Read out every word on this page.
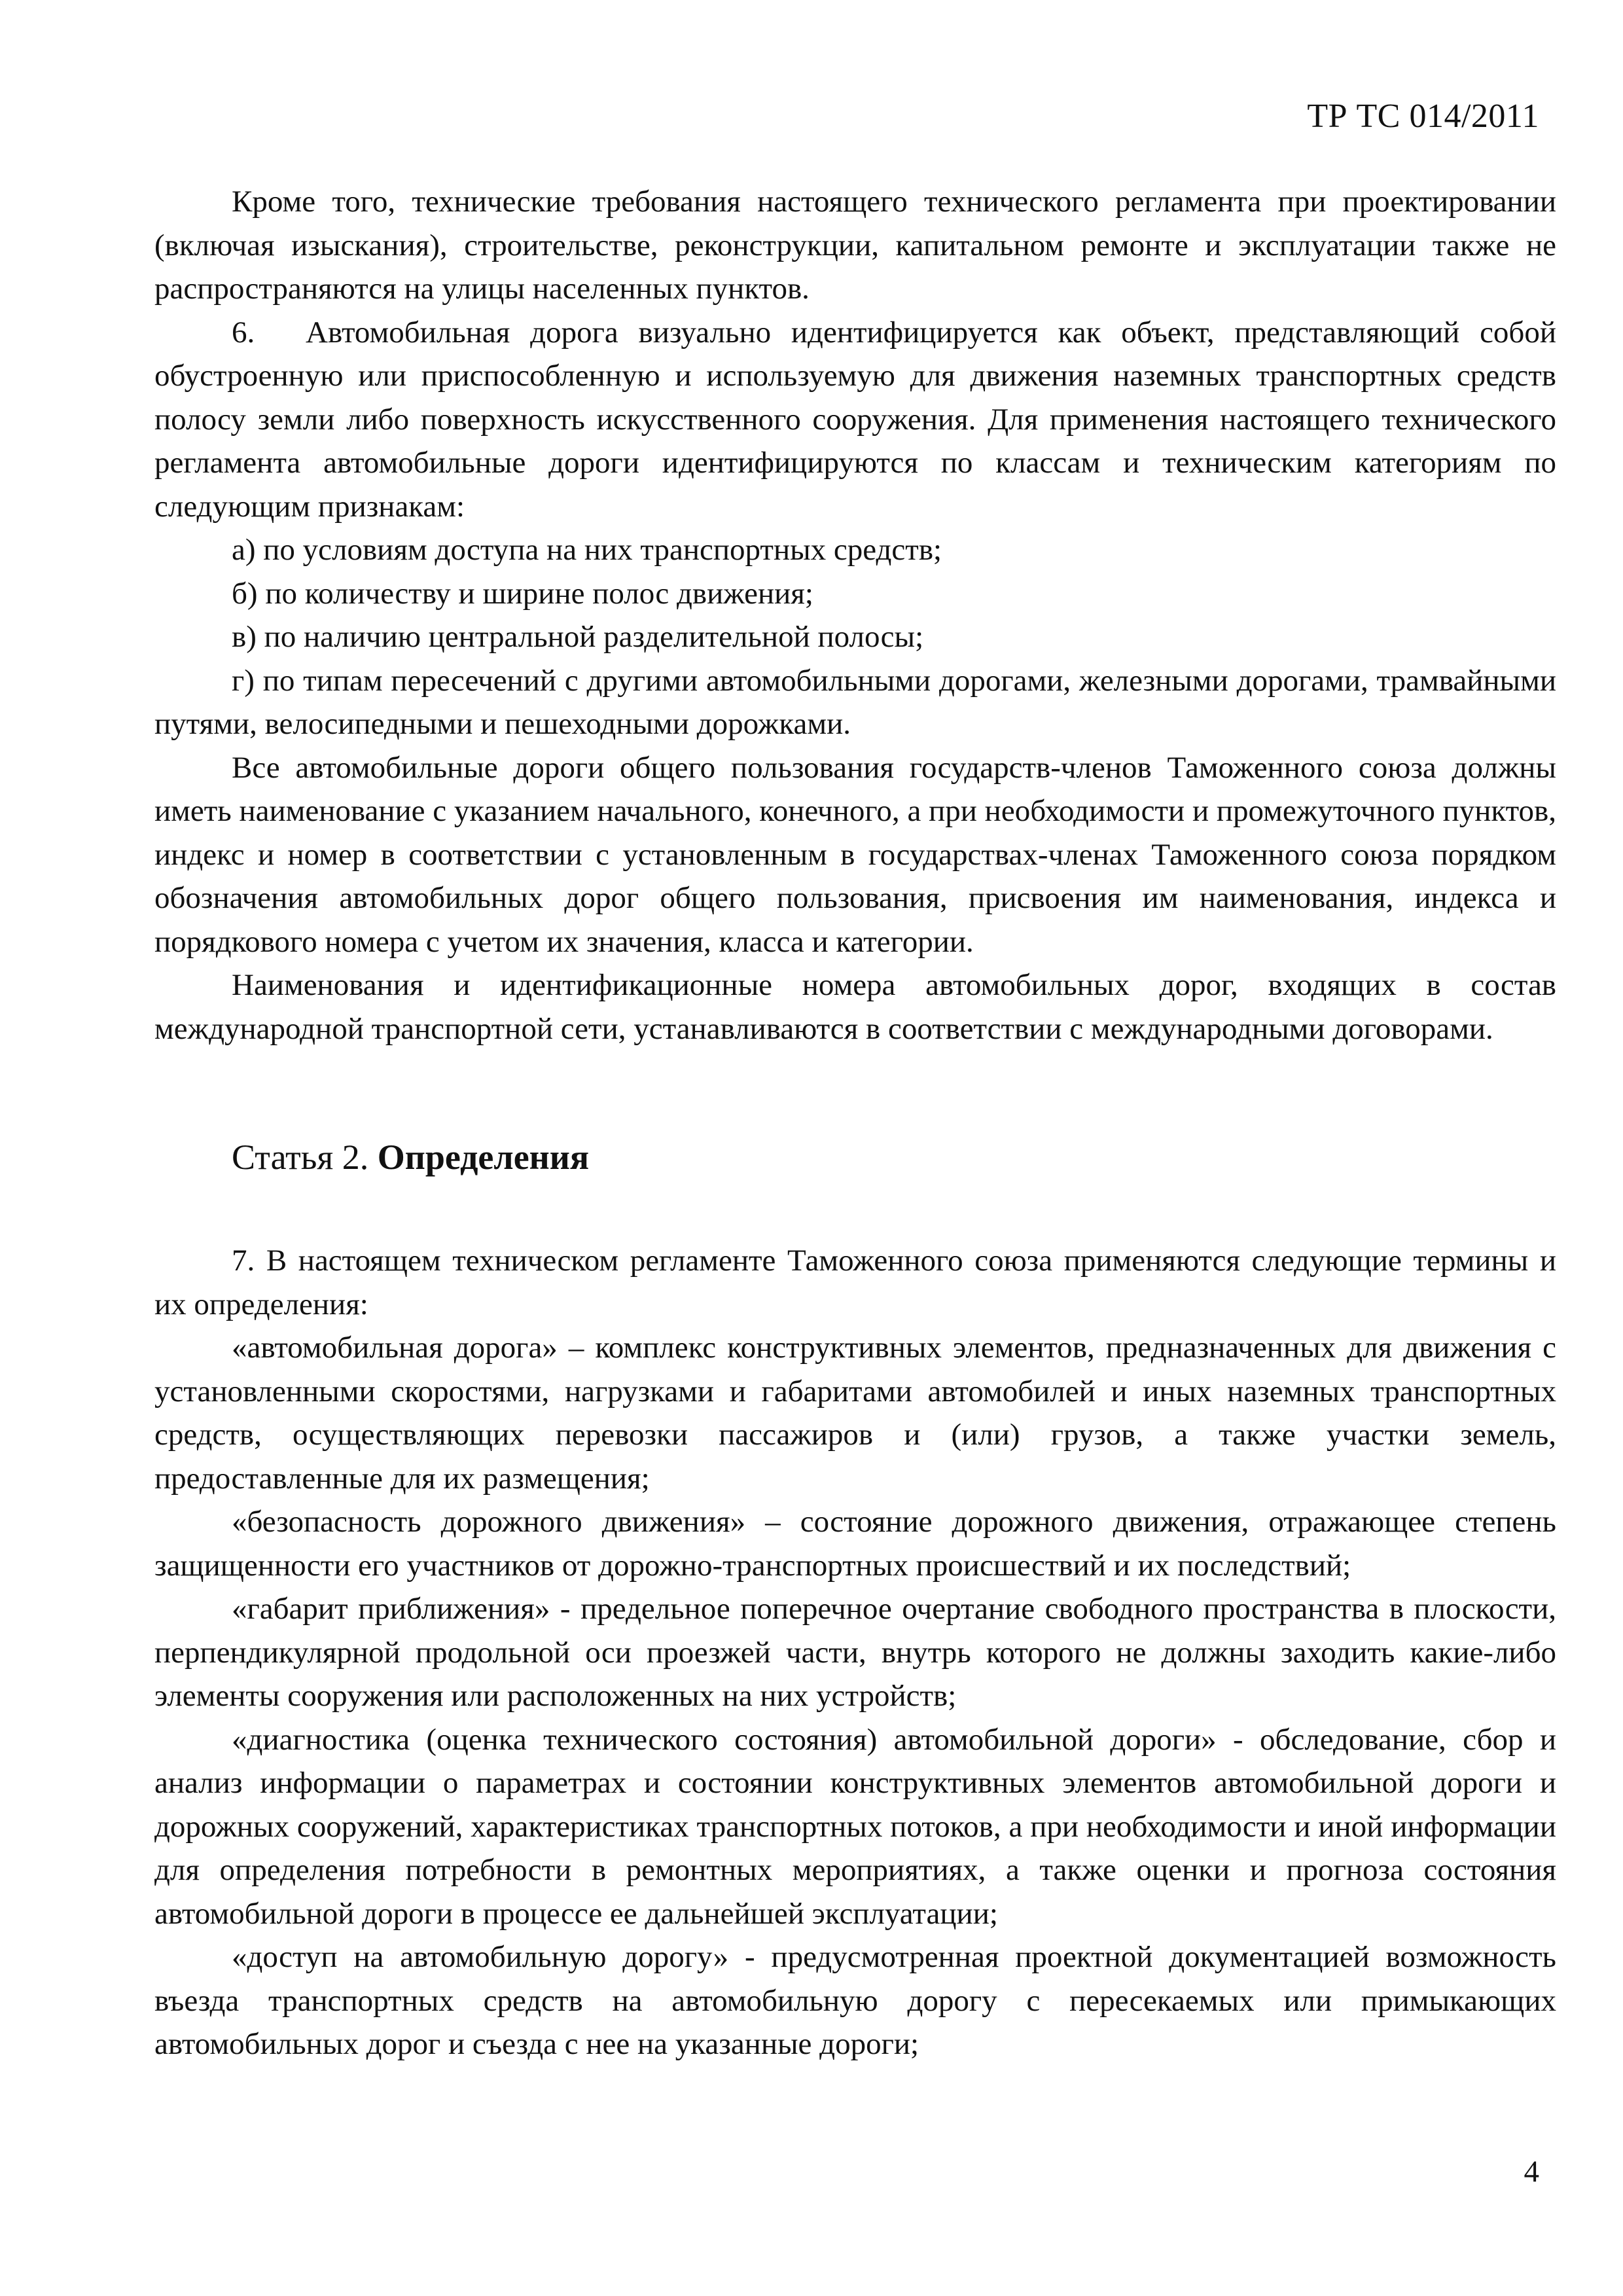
ТР ТС 014/2011

Кроме того, технические требования настоящего технического регламента при проектировании (включая изыскания), строительстве, реконструкции, капитальном ремонте и эксплуатации также не распространяются на улицы населенных пунктов.

6.  Автомобильная дорога визуально идентифицируется как объект, представляющий собой обустроенную или приспособленную и используемую для движения наземных транспортных средств полосу земли либо поверхность искусственного сооружения. Для применения настоящего технического регламента автомобильные дороги идентифицируются по классам и техническим категориям по следующим признакам:

а) по условиям доступа на них транспортных средств;

б) по количеству и ширине полос движения;

в) по наличию центральной разделительной полосы;

г) по типам пересечений с другими автомобильными дорогами, железными дорогами, трамвайными путями, велосипедными и пешеходными дорожками.

Все автомобильные дороги общего пользования государств-членов Таможенного союза должны иметь наименование с указанием начального, конечного, а при необходимости и промежуточного пунктов, индекс и номер в соответствии с установленным в государствах-членах Таможенного союза порядком обозначения автомобильных дорог общего пользования, присвоения им наименования, индекса и порядкового номера с учетом их значения, класса и категории.

Наименования и идентификационные номера автомобильных дорог, входящих в состав международной транспортной сети, устанавливаются в соответствии с международными договорами.

Статья 2. Определения

7. В настоящем техническом регламенте Таможенного союза применяются следующие термины и их определения:

«автомобильная дорога» – комплекс конструктивных элементов, предназначенных для движения с установленными скоростями, нагрузками и габаритами автомобилей и иных наземных транспортных средств, осуществляющих перевозки пассажиров и (или) грузов, а также участки земель, предоставленные для их размещения;

«безопасность дорожного движения» – состояние дорожного движения, отражающее степень защищенности его участников от дорожно-транспортных происшествий и их последствий;

«габарит приближения» - предельное поперечное очертание свободного пространства в плоскости, перпендикулярной продольной оси проезжей части, внутрь которого не должны заходить какие-либо элементы сооружения или расположенных на них устройств;

«диагностика (оценка технического состояния) автомобильной дороги» - обследование, сбор и анализ информации о параметрах и состоянии конструктивных элементов автомобильной дороги и дорожных сооружений, характеристиках транспортных потоков, а при необходимости и иной информации для определения потребности в ремонтных мероприятиях, а также оценки и прогноза состояния автомобильной дороги в процессе ее дальнейшей эксплуатации;

«доступ на автомобильную дорогу» - предусмотренная проектной документацией возможность въезда транспортных средств на автомобильную дорогу с пересекаемых или примыкающих автомобильных дорог и съезда с нее на указанные дороги;

4
